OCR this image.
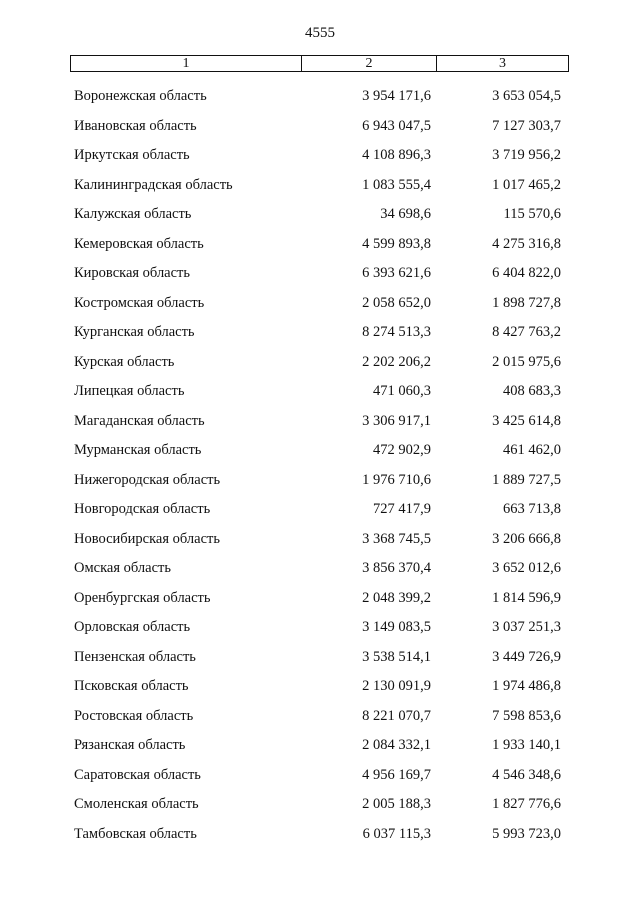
4555
1	2	3
Воронежская область	3 954 171,6	3 653 054,5
Ивановская область	6 943 047,5	7 127 303,7
Иркутская область	4 108 896,3	3 719 956,2
Калининградская область	1 083 555,4	1 017 465,2
Калужская область	34 698,6	115 570,6
Кемеровская область	4 599 893,8	4 275 316,8
Кировская область	6 393 621,6	6 404 822,0
Костромская область	2 058 652,0	1 898 727,8
Курганская область	8 274 513,3	8 427 763,2
Курская область	2 202 206,2	2 015 975,6
Липецкая область	471 060,3	408 683,3
Магаданская область	3 306 917,1	3 425 614,8
Мурманская область	472 902,9	461 462,0
Нижегородская область	1 976 710,6	1 889 727,5
Новгородская область	727 417,9	663 713,8
Новосибирская область	3 368 745,5	3 206 666,8
Омская область	3 856 370,4	3 652 012,6
Оренбургская область	2 048 399,2	1 814 596,9
Орловская область	3 149 083,5	3 037 251,3
Пензенская область	3 538 514,1	3 449 726,9
Псковская область	2 130 091,9	1 974 486,8
Ростовская область	8 221 070,7	7 598 853,6
Рязанская область	2 084 332,1	1 933 140,1
Саратовская область	4 956 169,7	4 546 348,6
Смоленская область	2 005 188,3	1 827 776,6
Тамбовская область	6 037 115,3	5 993 723,0
